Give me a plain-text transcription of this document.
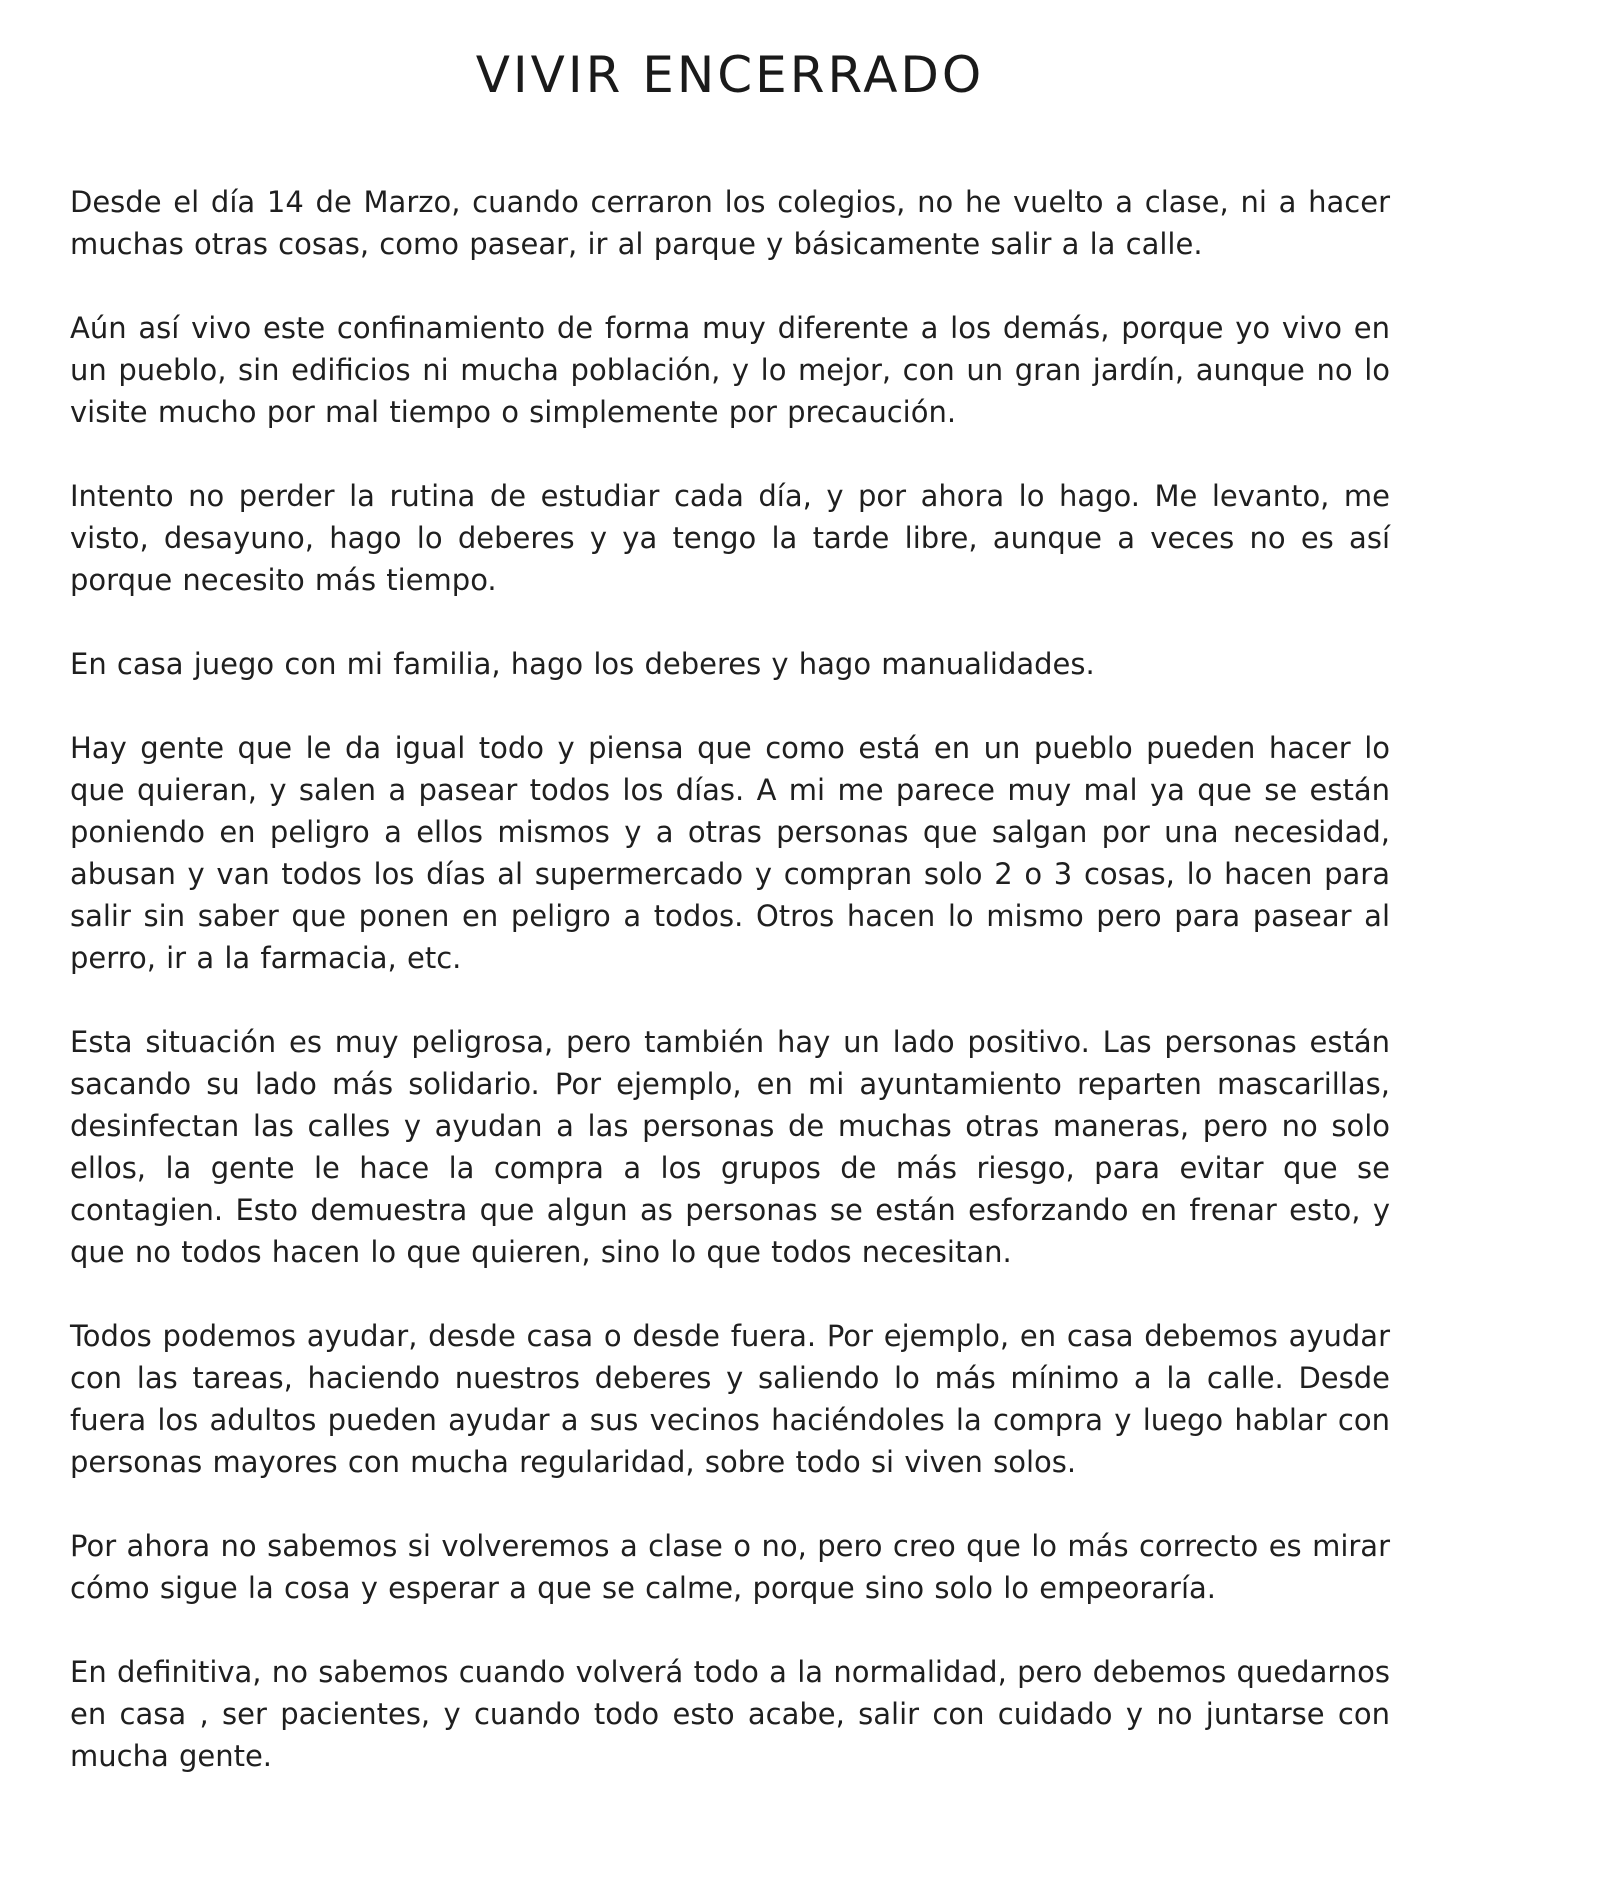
VIVIR ENCERRADO

Desde el día 14 de Marzo, cuando cerraron los colegios, no he vuelto a clase, ni a hacer muchas otras cosas, como pasear, ir al parque y básicamente salir a la calle.

Aún así vivo este confinamiento de forma muy diferente a los demás, porque yo vivo en un pueblo, sin edificios ni mucha población, y lo mejor, con un gran jardín, aunque no lo visite mucho por mal tiempo o simplemente por precaución.

Intento no perder la rutina de estudiar cada día, y por ahora lo hago. Me levanto, me visto, desayuno, hago lo deberes y ya tengo la tarde libre, aunque a veces no es así porque necesito más tiempo.

En casa juego con mi familia, hago los deberes y hago manualidades.

Hay gente que le da igual todo y piensa que como está en un pueblo pueden hacer lo que quieran, y salen a pasear todos los días. A mi me parece muy mal ya que se están poniendo en peligro a ellos mismos y a otras personas que salgan por una necesidad, abusan y van todos los días al supermercado y compran solo 2 o 3 cosas, lo hacen para salir sin saber que ponen en peligro a todos. Otros hacen lo mismo pero para pasear al perro, ir a la farmacia, etc.

Esta situación es muy peligrosa, pero también hay un lado positivo. Las personas están sacando su lado más solidario. Por ejemplo, en mi ayuntamiento reparten mascarillas, desinfectan las calles y ayudan a las personas de muchas otras maneras, pero no solo ellos, la gente le hace la compra a los grupos de más riesgo, para evitar que se contagien. Esto demuestra que algun as personas se están esforzando en frenar esto, y que no todos hacen lo que quieren, sino lo que todos necesitan.

Todos podemos ayudar, desde casa o desde fuera. Por ejemplo, en casa debemos ayudar con las tareas, haciendo nuestros deberes y saliendo lo más mínimo a la calle. Desde fuera los adultos pueden ayudar a sus vecinos haciéndoles la compra y luego hablar con personas mayores con mucha regularidad, sobre todo si viven solos.

Por ahora no sabemos si volveremos a clase o no, pero creo que lo más correcto es mirar cómo sigue la cosa y esperar a que se calme, porque sino solo lo empeoraría.

En definitiva, no sabemos cuando volverá todo a la normalidad, pero debemos quedarnos en casa , ser pacientes, y cuando todo esto acabe, salir con cuidado y no juntarse con mucha gente.
